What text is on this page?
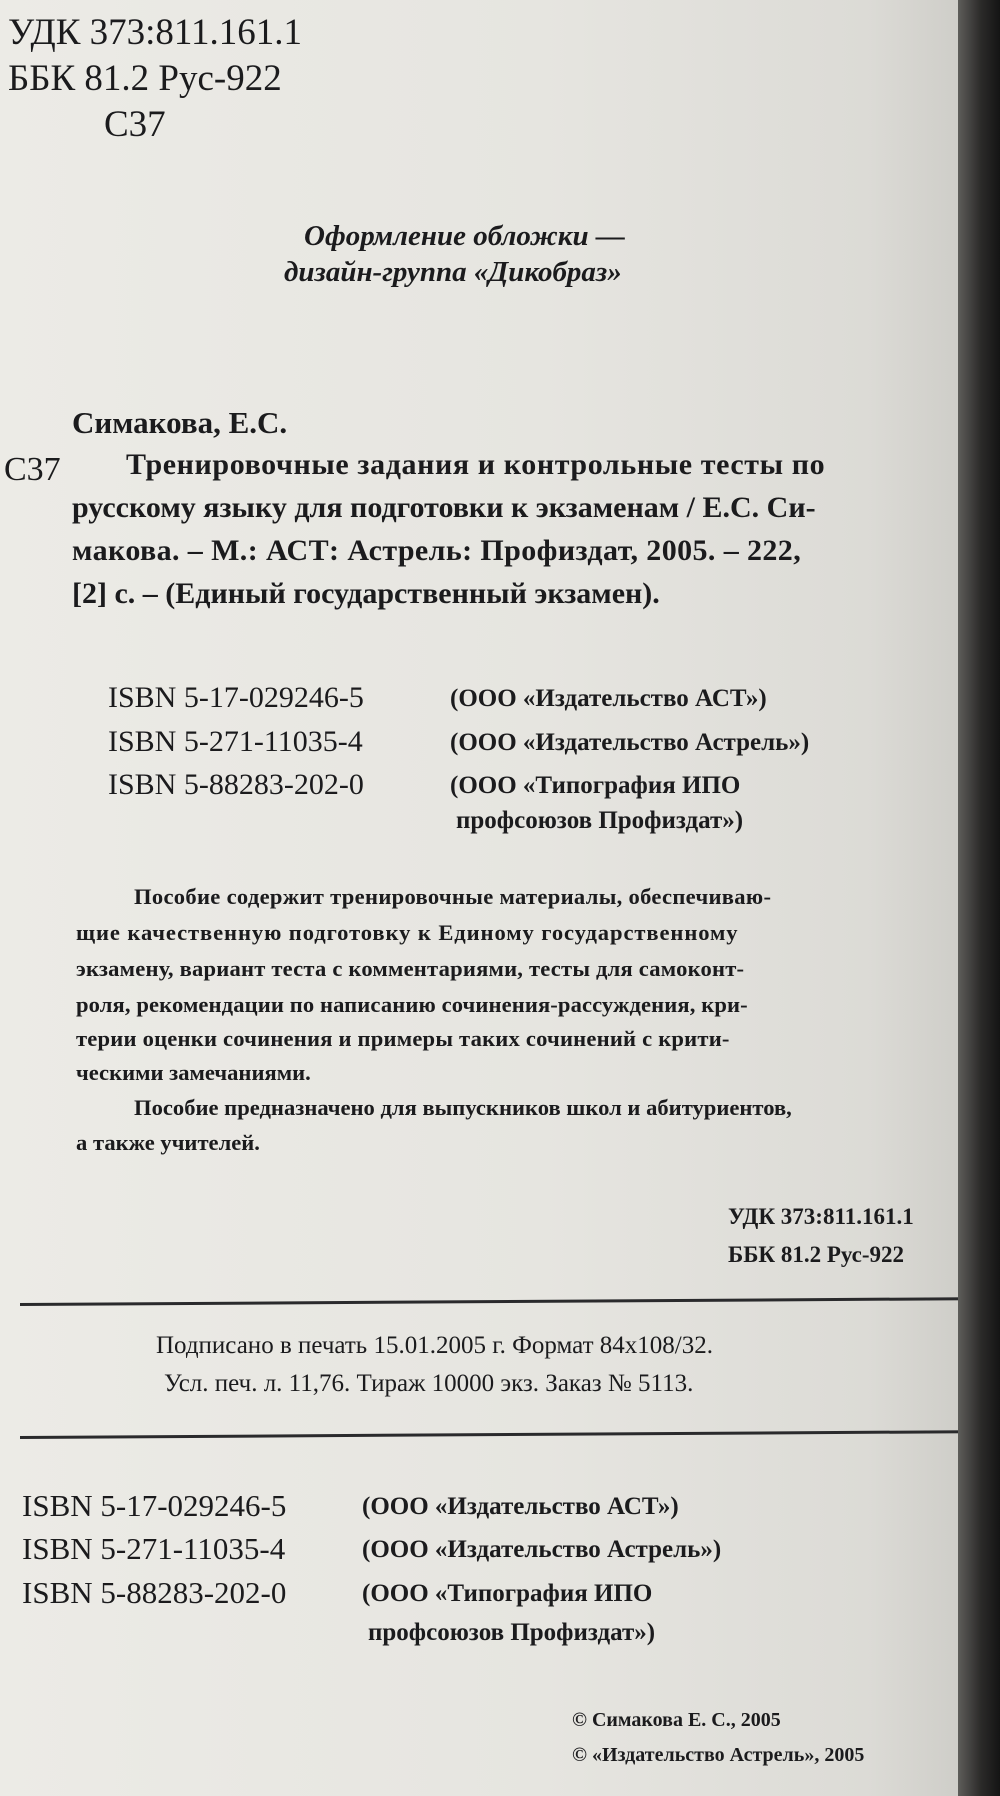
УДК 373:811.161.1
ББК 81.2 Рус-922
С37
Оформление обложки —
дизайн-группа «Дикобраз»
Симакова, Е.С.
С37 Тренировочные задания и контрольные тесты по
русскому языку для подготовки к экзаменам / Е.С. Си-
макова. – М.: АСТ: Астрель: Профиздат, 2005. – 222,
[2] с. – (Единый государственный экзамен).
ISBN 5-17-029246-5	(ООО «Издательство АСТ»)
ISBN 5-271-11035-4	(ООО «Издательство Астрель»)
ISBN 5-88283-202-0	(ООО «Типография ИПО
профсоюзов Профиздат»)
Пособие содержит тренировочные материалы, обеспечиваю-
щие качественную подготовку к Единому государственному
экзамену, вариант теста с комментариями, тесты для самоконт-
роля, рекомендации по написанию сочинения-рассуждения, кри-
терии оценки сочинения и примеры таких сочинений с крити-
ческими замечаниями.
Пособие предназначено для выпускников школ и абитуриентов,
а также учителей.
УДК 373:811.161.1
ББК 81.2 Рус-922
Подписано в печать 15.01.2005 г. Формат 84х108/32.
Усл. печ. л. 11,76. Тираж 10000 экз. Заказ № 5113.
ISBN 5-17-029246-5	(ООО «Издательство АСТ»)
ISBN 5-271-11035-4	(ООО «Издательство Астрель»)
ISBN 5-88283-202-0	(ООО «Типография ИПО
профсоюзов Профиздат»)
© Симакова Е. С., 2005
© «Издательство Астрель», 2005
